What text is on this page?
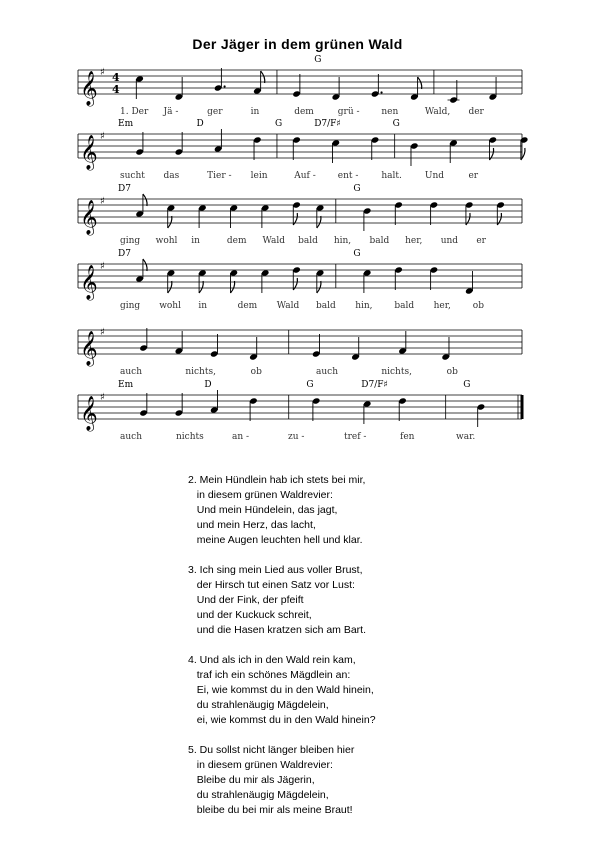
Der Jäger in dem grünen Wald
𝄞 ♯ 4
4
G
1. Der Jä -	ger	in	dem	grü - nen	Wald, der
𝄞 ♯
Em	D	G	D7/F♯	G
sucht das	Tier - lein	Auf - ent -	halt.	Und	er
𝄞 ♯
D7	G
ging wohl in	dem Wald bald hin, bald her, und er
𝄞 ♯
D7	G
ging wohl in	dem Wald bald hin, bald her, ob
𝄞 ♯
auch	nichts,	ob	auch	nichts,	ob
𝄞 ♯
Em	D	G	D7/F♯	G
auch	nichts	an -	zu -	tref -	fen	war.
2. Mein Hündlein hab ich stets bei mir,
in diesem grünen Waldrevier:
Und mein Hündelein, das jagt,
und mein Herz, das lacht,
meine Augen leuchten hell und klar.
3. Ich sing mein Lied aus voller Brust,
der Hirsch tut einen Satz vor Lust:
Und der Fink, der pfeift
und der Kuckuck schreit,
und die Hasen kratzen sich am Bart.
4. Und als ich in den Wald rein kam,
traf ich ein schönes Mägdlein an:
Ei, wie kommst du in den Wald hinein,
du strahlenäugig Mägdelein,
ei, wie kommst du in den Wald hinein?
5. Du sollst nicht länger bleiben hier
in diesem grünen Waldrevier:
Bleibe du mir als Jägerin,
du strahlenäugig Mägdelein,
bleibe du bei mir als meine Braut!
